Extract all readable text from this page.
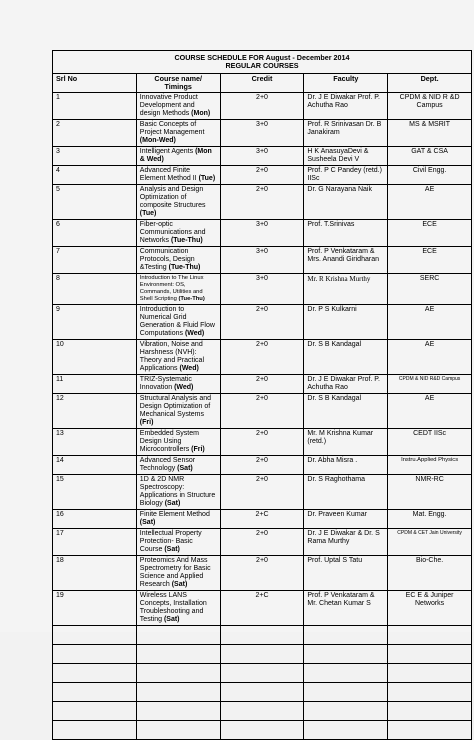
COURSE SCHEDULE FOR August - December 2014
REGULAR COURSES				

Srl No	Course name/ Timings	Credit	Faculty	Dept.
1	Innovative Product Development and design Methods (Mon)	2+0	Dr. J E Diwakar Prof. P. Achutha Rao	CPDM & NID R &D Campus
2	Basic Concepts of Project Management (Mon-Wed)	3+0	Prof. R Srinivasan Dr. B Janakiram	MS & MSRIT
3	Intelligent Agents (Mon & Wed)	3+0	H K AnasuyaDevi & Susheela Devi V	GAT & CSA
4	Advanced Finite Element Method II (Tue)	2+0	Prof. P C Pandey (retd.) IISc	Civil Engg.
5	Analysis and Design Optimization of composite Structures (Tue)	2+0	Dr. G Narayana Naik	AE
6	Fiber-optic Communications and Networks (Tue-Thu)	3+0	Prof. T.Srinivas	ECE
7	Communication Protocols, Design &Testing (Tue-Thu)	3+0	Prof. P Venkataram & Mrs. Anandi Giridharan	ECE
8	Introduction to The Linux Environment: OS, Commands, Utilities and Shell Scripting (Tue-Thu)	3+0	Mr. R Krishna Murthy	SERC
9	Introduction to Numerical Grid Generation & Fluid Flow Computations (Wed)	2+0	Dr. P S Kulkarni	AE
10	Vibration, Noise and Harshness (NVH): Theory and Practical Applications (Wed)	2+0	Dr. S B Kandagal	AE
11	TRIZ-Systematic Innovation (Wed)	2+0	Dr. J E Diwakar Prof. P. Achutha Rao	CPDM & NID R&D Campus
12	Structural Analysis and Design Optimization of Mechanical Systems (Fri)	2+0	Dr. S B Kandagal	AE
13	Embedded System Design Using Microcontrollers (Fri)	2+0	Mr. M Krishna Kumar (retd.)	CEDT IISc
14	Advanced Sensor Technology (Sat)	2+0	Dr. Abha Misra .	Instru.Applied Physics
15	1D & 2D NMR Spectroscopy: Applications in Structure Biology (Sat)	2+0	Dr. S Raghothama	NMR-RC
16	Finite Element Method (Sat)	2+C	Dr. Praveen Kumar	Mat. Engg.
17	Intellectual Property Protection- Basic Course (Sat)	2+0	Dr. J E Diwakar & Dr. S Rama Murthy	CPDM & CET Jain University
18	Proteomics And Mass Spectrometry for Basic Science and Applied Research (Sat)	2+0	Prof. Uptal S Tatu	Bio-Che.
19	Wireless LANS Concepts, Installation Troubleshooting and Testing (Sat)	2+C	Prof. P Venkataram & Mr. Chetan Kumar S	EC E & Juniper Networks
